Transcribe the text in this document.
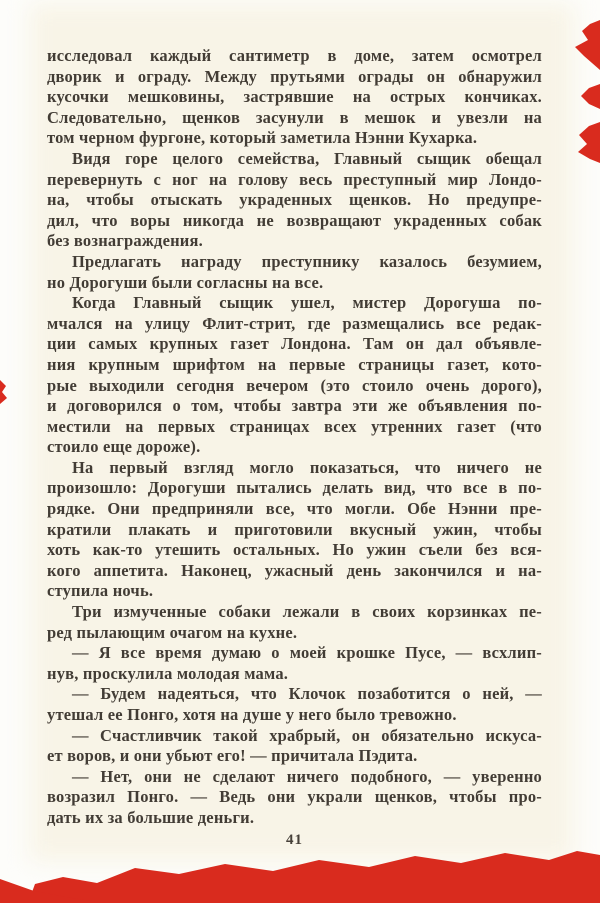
исследовал каждый сантиметр в доме, затем осмотрел
дворик и ограду. Между прутьями ограды он обнаружил
кусочки мешковины, застрявшие на острых кончиках.
Следовательно, щенков засунули в мешок и увезли на
том черном фургоне, который заметила Нэнни Кухарка.
Видя горе целого семейства, Главный сыщик обещал
перевернуть с ног на голову весь преступный мир Лондо-
на, чтобы отыскать украденных щенков. Но предупре-
дил, что воры никогда не возвращают украденных собак
без вознаграждения.
Предлагать награду преступнику казалось безумием,
но Дорогуши были согласны на все.
Когда Главный сыщик ушел, мистер Дорогуша по-
мчался на улицу Флит-стрит, где размещались все редак-
ции самых крупных газет Лондона. Там он дал объявле-
ния крупным шрифтом на первые страницы газет, кото-
рые выходили сегодня вечером (это стоило очень дорого),
и договорился о том, чтобы завтра эти же объявления по-
местили на первых страницах всех утренних газет (что
стоило еще дороже).
На первый взгляд могло показаться, что ничего не
произошло: Дорогуши пытались делать вид, что все в по-
рядке. Они предприняли все, что могли. Обе Нэнни пре-
кратили плакать и приготовили вкусный ужин, чтобы
хоть как-то утешить остальных. Но ужин съели без вся-
кого аппетита. Наконец, ужасный день закончился и на-
ступила ночь.
Три измученные собаки лежали в своих корзинках пе-
ред пылающим очагом на кухне.
— Я все время думаю о моей крошке Пусе, — всхлип-
нув, проскулила молодая мама.
— Будем надеяться, что Клочок позаботится о ней, —
утешал ее Понго, хотя на душе у него было тревожно.
— Счастливчик такой храбрый, он обязательно искуса-
ет воров, и они убьют его! — причитала Пэдита.
— Нет, они не сделают ничего подобного, — уверенно
возразил Понго. — Ведь они украли щенков, чтобы про-
дать их за большие деньги.
41
